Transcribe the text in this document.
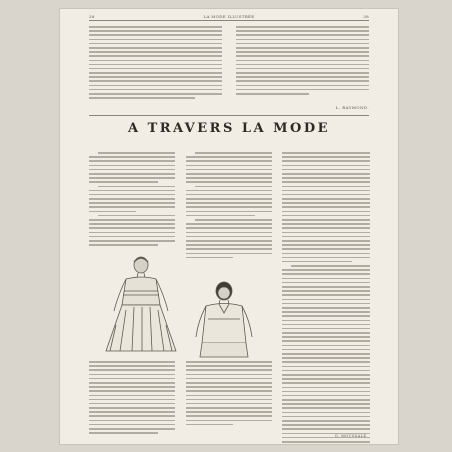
38	LA MODE ILLUSTRÉE	38
L. RAYMOND.
A TRAVERS LA MODE
G. MOUSSALE.
